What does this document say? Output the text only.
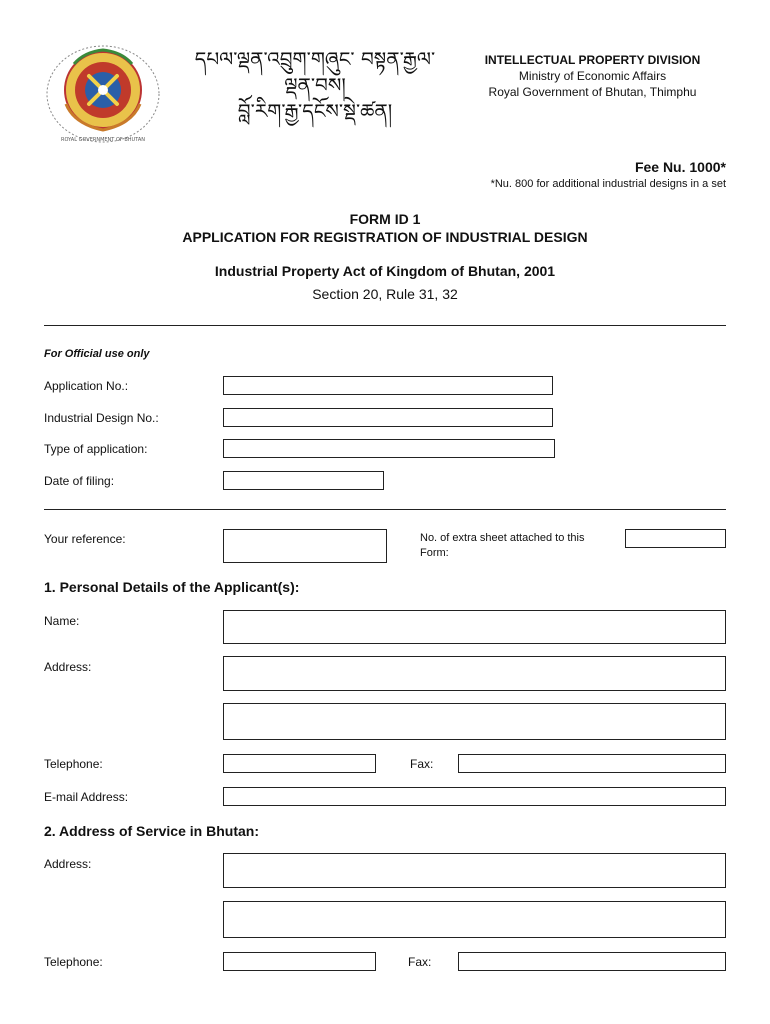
ROYAL GOVERNMENT OF BHUTAN
དཔལ་ལྡན་འབྲུག་གཞུང་ བསྟན་རྒྱལ་ལྡན་བས།
བློ་རིག་རྒྱ་དངོས་སྡེ་ཚན།
INTELLECTUAL PROPERTY DIVISION
Ministry of Economic Affairs
Royal Government of Bhutan, Thimphu
Fee Nu. 1000*
*Nu. 800 for additional industrial designs in a set
FORM ID 1
APPLICATION FOR REGISTRATION OF INDUSTRIAL DESIGN
Industrial Property Act of Kingdom of Bhutan, 2001
Section 20, Rule 31, 32
For Official use only
Application No.:
Industrial Design No.:
Type of application:
Date of filing:
Your reference:	No. of extra sheet attached to this Form:
1. Personal Details of the Applicant(s):
Name:
Address:
Telephone:	Fax:
E-mail Address:
2. Address of Service in Bhutan:
Address:
Telephone:	Fax:
